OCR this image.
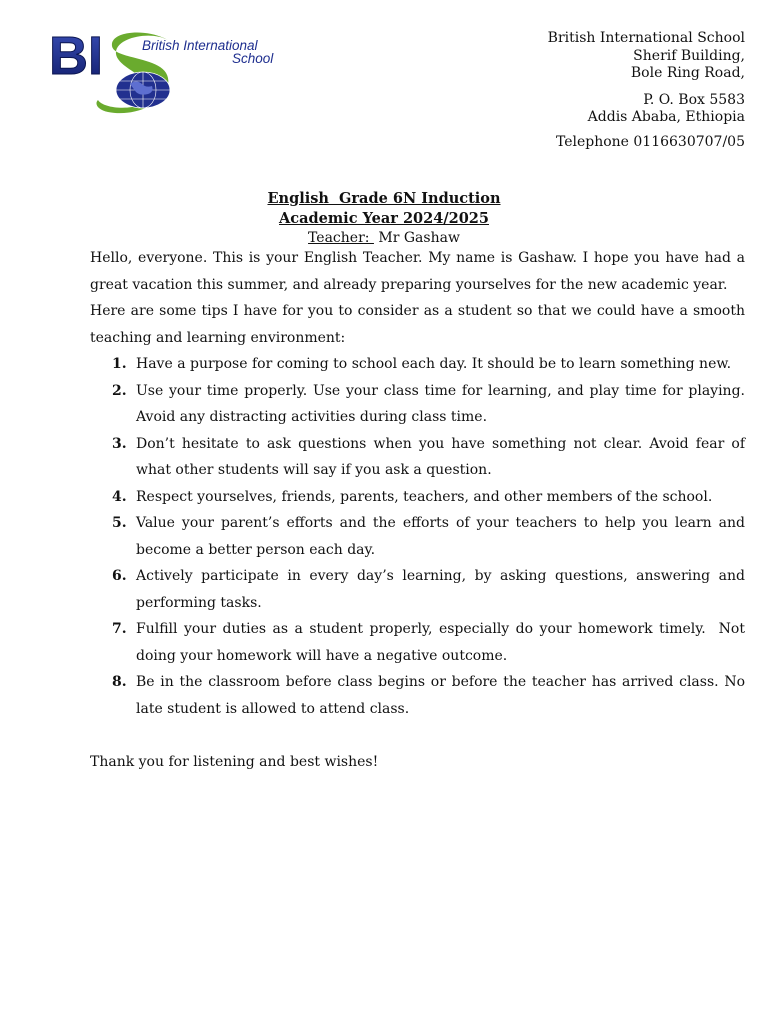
B I	British International
School
British International School
Sherif Building,
Bole Ring Road,
P. O. Box 5583
Addis Ababa, Ethiopia
Telephone 0116630707/05
English  Grade 6N Induction
Academic Year 2024/2025
Teacher:  Mr Gashaw

Hello, everyone. This is your English Teacher. My name is Gashaw. I hope you have had a great vacation this summer, and already preparing yourselves for the new academic year.

Here are some tips I have for you to consider as a student so that we could have a smooth teaching and learning environment:

1. Have a purpose for coming to school each day. It should be to learn something new.
2. Use your time properly. Use your class time for learning, and play time for playing. Avoid any distracting activities during class time.
3. Don’t hesitate to ask questions when you have something not clear. Avoid fear of what other students will say if you ask a question.
4. Respect yourselves, friends, parents, teachers, and other members of the school.
5. Value your parent’s efforts and the efforts of your teachers to help you learn and become a better person each day.
6. Actively participate in every day’s learning, by asking questions, answering and performing tasks.
7. Fulfill your duties as a student properly, especially do your homework timely.  Not doing your homework will have a negative outcome.
8. Be in the classroom before class begins or before the teacher has arrived class. No late student is allowed to attend class.

Thank you for listening and best wishes!
